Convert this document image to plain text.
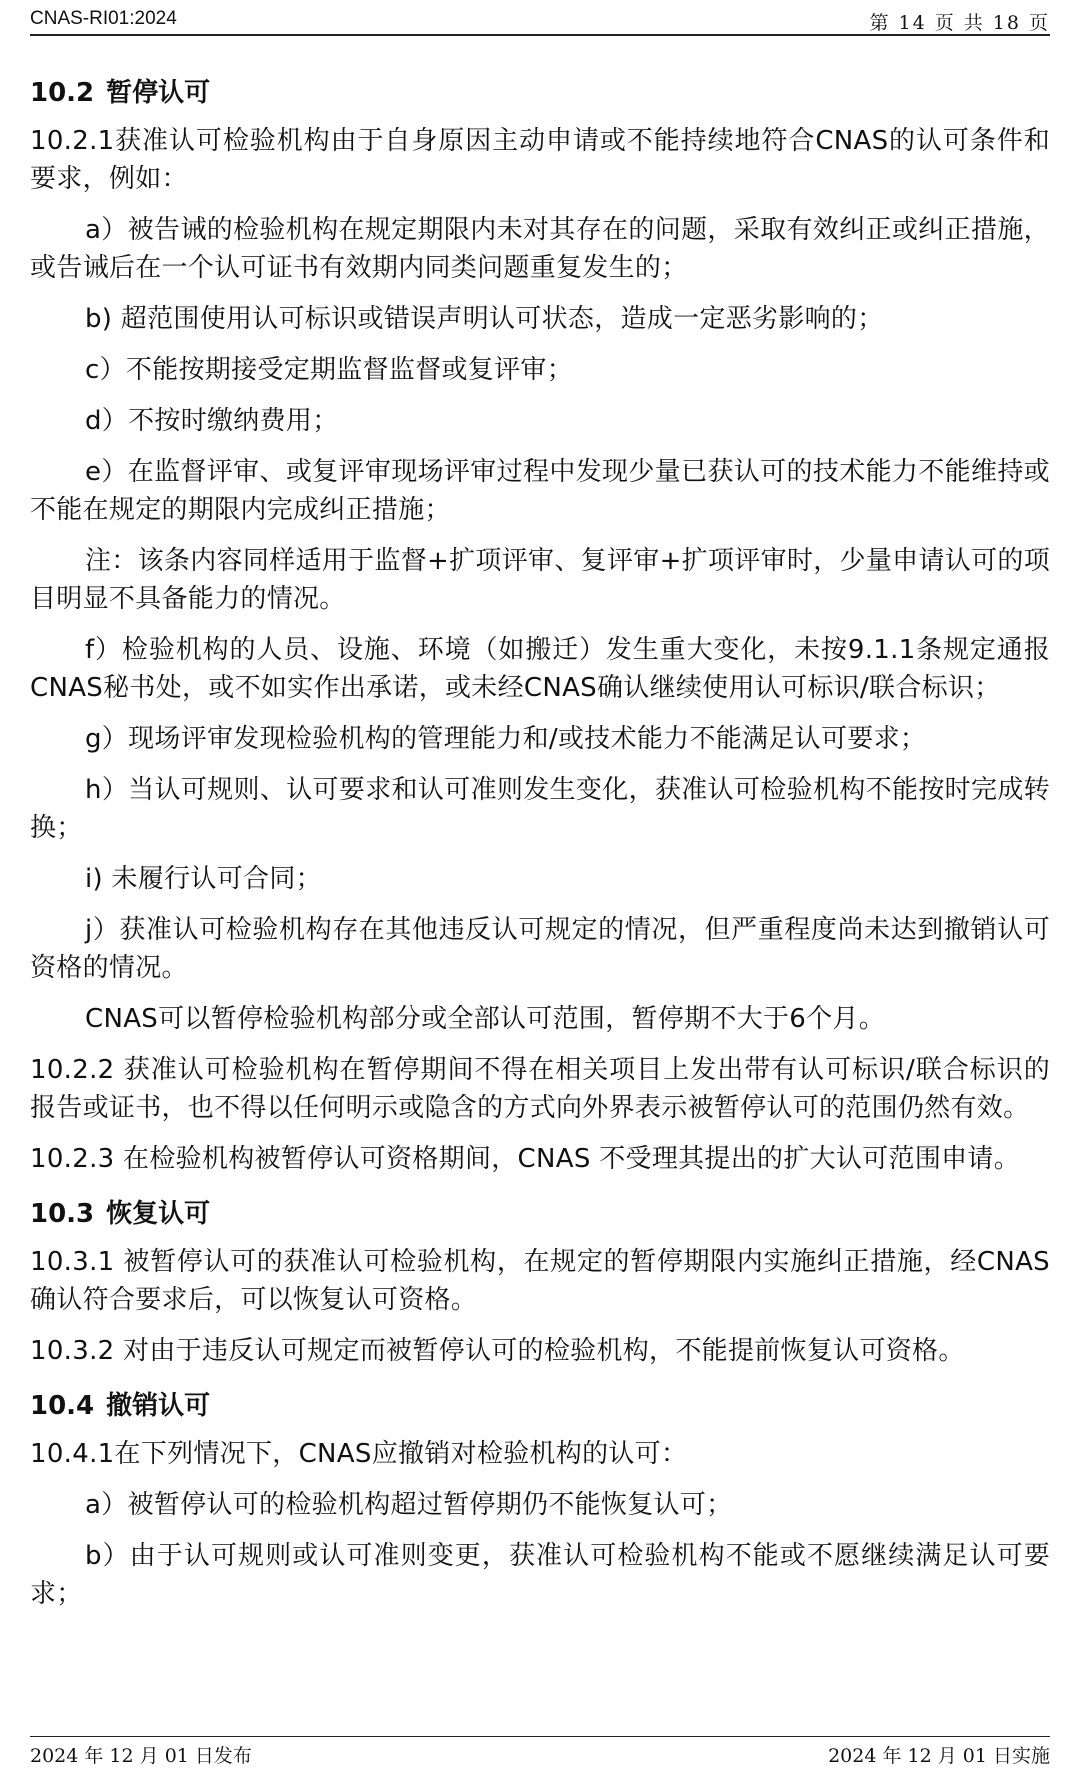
CNAS-RI01:2024	第 14 页 共 18 页
10.2 暂停认可

10.2.1获准认可检验机构由于自身原因主动申请或不能持续地符合CNAS的认可条件和要求，例如：

a）被告诫的检验机构在规定期限内未对其存在的问题，采取有效纠正或纠正措施，或告诫后在一个认可证书有效期内同类问题重复发生的；

b) 超范围使用认可标识或错误声明认可状态，造成一定恶劣影响的；

c）不能按期接受定期监督监督或复评审；

d）不按时缴纳费用；

e）在监督评审、或复评审现场评审过程中发现少量已获认可的技术能力不能维持或不能在规定的期限内完成纠正措施；

注：该条内容同样适用于监督+扩项评审、复评审+扩项评审时，少量申请认可的项目明显不具备能力的情况。

f）检验机构的人员、设施、环境（如搬迁）发生重大变化，未按9.1.1条规定通报CNAS秘书处，或不如实作出承诺，或未经CNAS确认继续使用认可标识/联合标识；

g）现场评审发现检验机构的管理能力和/或技术能力不能满足认可要求；

h）当认可规则、认可要求和认可准则发生变化，获准认可检验机构不能按时完成转换；

i) 未履行认可合同；

j）获准认可检验机构存在其他违反认可规定的情况，但严重程度尚未达到撤销认可资格的情况。

CNAS可以暂停检验机构部分或全部认可范围，暂停期不大于6个月。

10.2.2 获准认可检验机构在暂停期间不得在相关项目上发出带有认可标识/联合标识的报告或证书，也不得以任何明示或隐含的方式向外界表示被暂停认可的范围仍然有效。

10.2.3 在检验机构被暂停认可资格期间，CNAS 不受理其提出的扩大认可范围申请。

10.3 恢复认可

10.3.1 被暂停认可的获准认可检验机构，在规定的暂停期限内实施纠正措施，经CNAS 确认符合要求后，可以恢复认可资格。

10.3.2 对由于违反认可规定而被暂停认可的检验机构，不能提前恢复认可资格。

10.4 撤销认可

10.4.1在下列情况下，CNAS应撤销对检验机构的认可：

a）被暂停认可的检验机构超过暂停期仍不能恢复认可；

b）由于认可规则或认可准则变更，获准认可检验机构不能或不愿继续满足认可要求；

2024 年 12 月 01 日发布	2024 年 12 月 01 日实施
